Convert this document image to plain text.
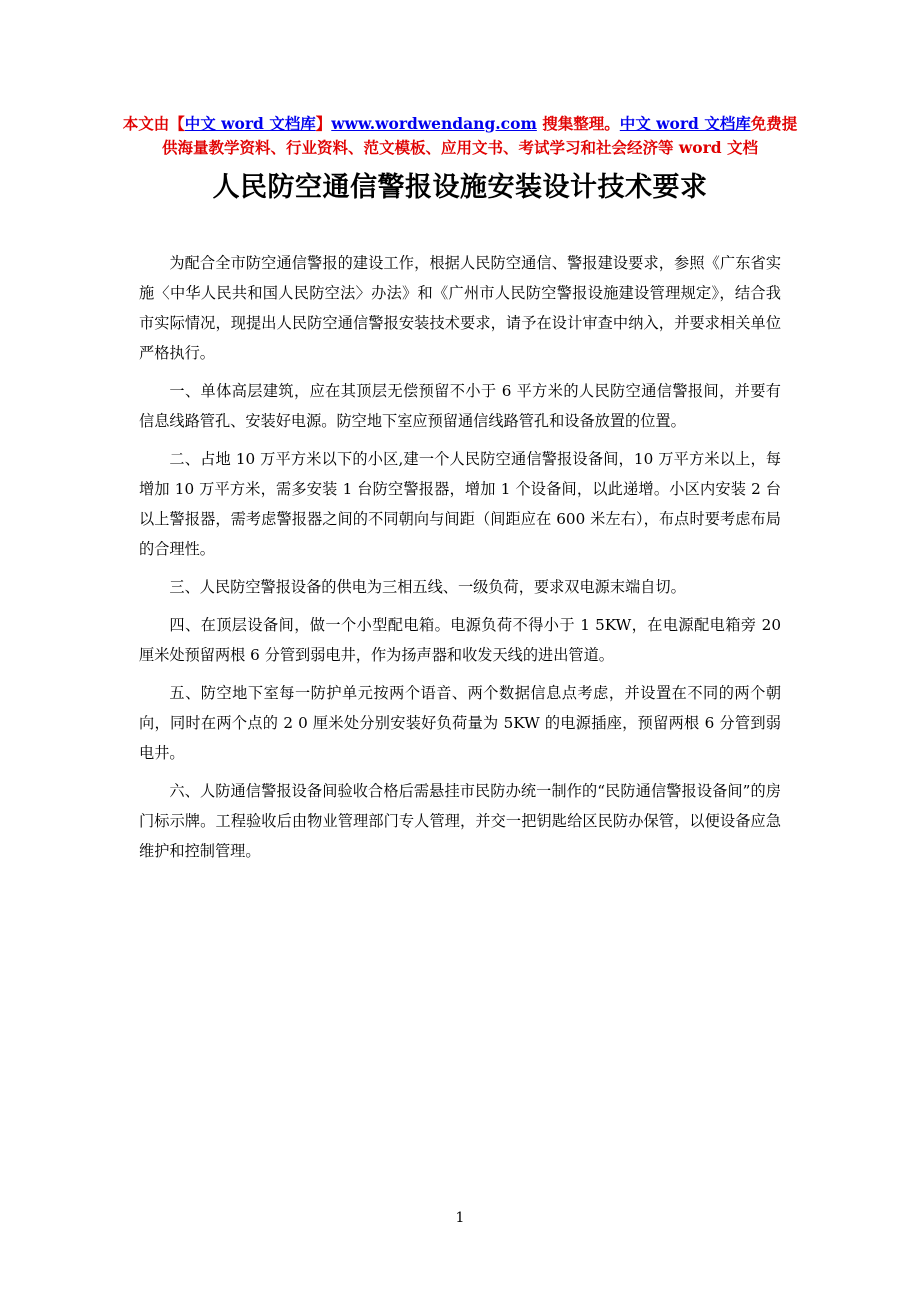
本文由【中文 word 文档库】www.wordwendang.com 搜集整理。中文 word 文档库免费提
供海量教学资料、行业资料、范文模板、应用文书、考试学习和社会经济等 word 文档
人民防空通信警报设施安装设计技术要求

为配合全市防空通信警报的建设工作，根据人民防空通信、警报建设要求，参照《广东省实施〈中华人民共和国人民防空法〉办法》和《广州市人民防空警报设施建设管理规定》，结合我市实际情况，现提出人民防空通信警报安装技术要求，请予在设计审查中纳入，并要求相关单位严格执行。

一、单体高层建筑，应在其顶层无偿预留不小于 6 平方米的人民防空通信警报间，并要有信息线路管孔、安装好电源。防空地下室应预留通信线路管孔和设备放置的位置。

二、占地 10 万平方米以下的小区,建一个人民防空通信警报设备间，10 万平方米以上，每增加 10 万平方米，需多安装 1 台防空警报器，增加 1 个设备间，以此递增。小区内安装 2 台以上警报器，需考虑警报器之间的不同朝向与间距（间距应在 600 米左右），布点时要考虑布局的合理性。

三、人民防空警报设备的供电为三相五线、一级负荷，要求双电源末端自切。

四、在顶层设备间，做一个小型配电箱。电源负荷不得小于 1 5KW，在电源配电箱旁 20 厘米处预留两根 6 分管到弱电井，作为扬声器和收发天线的进出管道。

五、防空地下室每一防护单元按两个语音、两个数据信息点考虑，并设置在不同的两个朝向，同时在两个点的 2 0 厘米处分别安装好负荷量为 5KW 的电源插座，预留两根 6 分管到弱电井。

六、人防通信警报设备间验收合格后需悬挂市民防办统一制作的“民防通信警报设备间”的房门标示牌。工程验收后由物业管理部门专人管理，并交一把钥匙给区民防办保管，以便设备应急维护和控制管理。

1
